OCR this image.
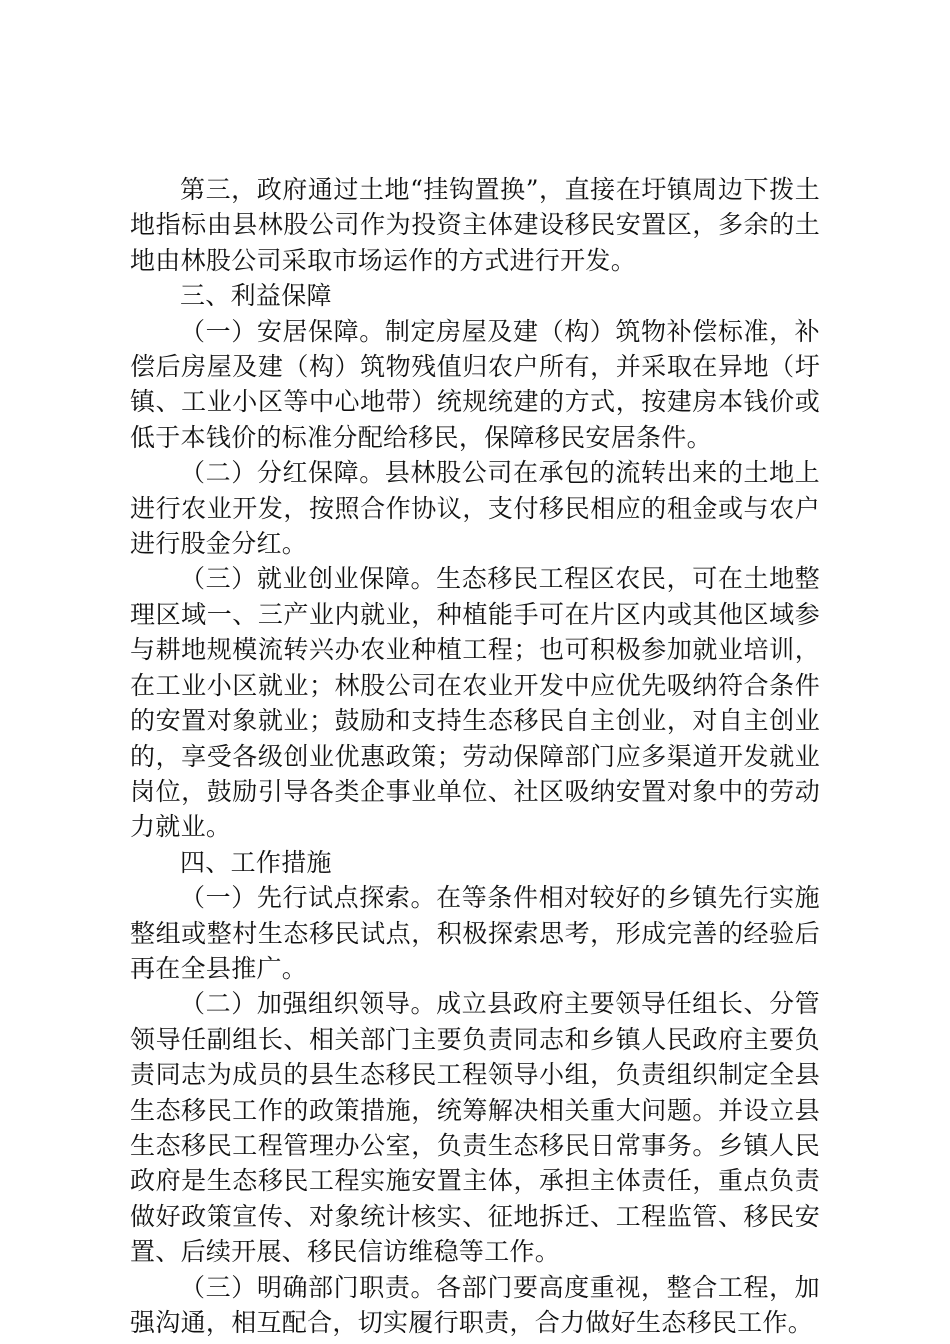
第三，政府通过土地“挂钩置换”，直接在圩镇周边下拨土地指标由县林股公司作为投资主体建设移民安置区，多余的土地由林股公司采取市场运作的方式进行开发。

三、利益保障

（一）安居保障。制定房屋及建（构）筑物补偿标准，补偿后房屋及建（构）筑物残值归农户所有，并采取在异地（圩镇、工业小区等中心地带）统规统建的方式，按建房本钱价或低于本钱价的标准分配给移民，保障移民安居条件。

（二）分红保障。县林股公司在承包的流转出来的土地上进行农业开发，按照合作协议，支付移民相应的租金或与农户进行股金分红。

（三）就业创业保障。生态移民工程区农民，可在土地整理区域一、三产业内就业，种植能手可在片区内或其他区域参与耕地规模流转兴办农业种植工程；也可积极参加就业培训，在工业小区就业；林股公司在农业开发中应优先吸纳符合条件的安置对象就业；鼓励和支持生态移民自主创业，对自主创业的，享受各级创业优惠政策；劳动保障部门应多渠道开发就业岗位，鼓励引导各类企事业单位、社区吸纳安置对象中的劳动力就业。

四、工作措施

（一）先行试点探索。在等条件相对较好的乡镇先行实施整组或整村生态移民试点，积极探索思考，形成完善的经验后再在全县推广。

（二）加强组织领导。成立县政府主要领导任组长、分管领导任副组长、相关部门主要负责同志和乡镇人民政府主要负责同志为成员的县生态移民工程领导小组，负责组织制定全县生态移民工作的政策措施，统筹解决相关重大问题。并设立县生态移民工程管理办公室，负责生态移民日常事务。乡镇人民政府是生态移民工程实施安置主体，承担主体责任，重点负责做好政策宣传、对象统计核实、征地拆迁、工程监管、移民安置、后续开展、移民信访维稳等工作。

（三）明确部门职责。各部门要高度重视，整合工程，加强沟通，相互配合，切实履行职责，合力做好生态移民工作。
